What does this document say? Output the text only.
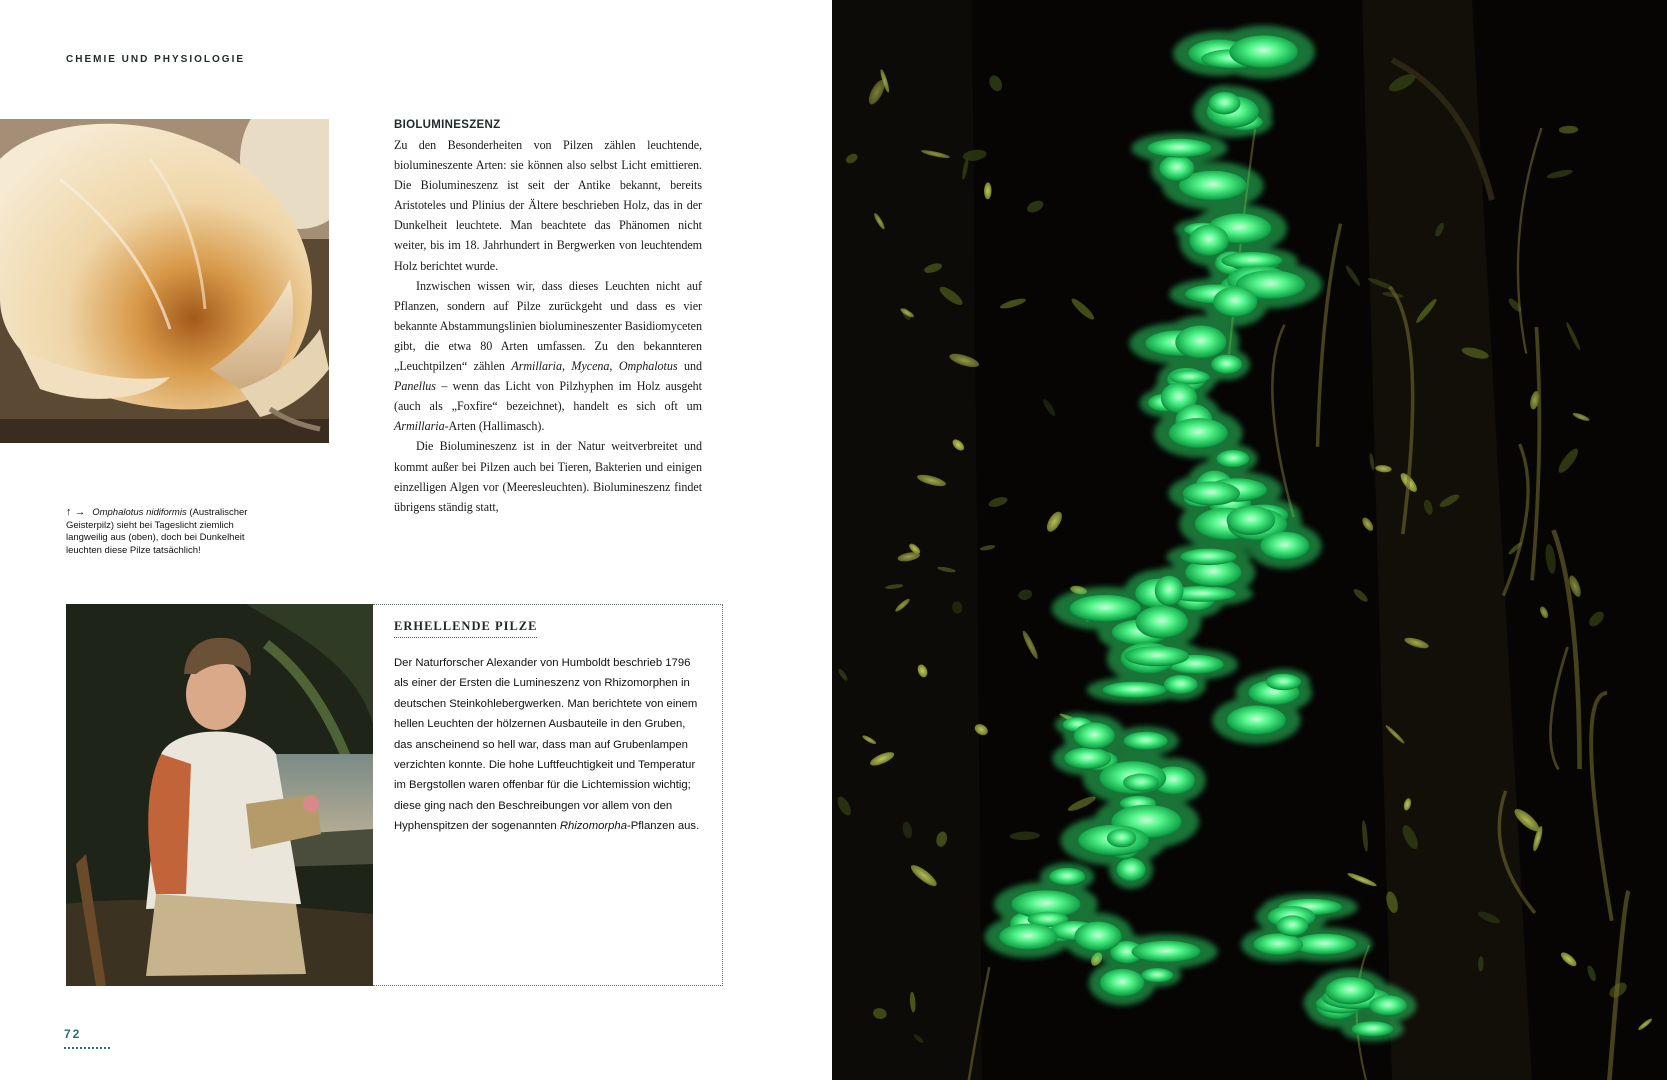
CHEMIE UND PHYSIOLOGIE

↑ → Omphalotus nidiformis (Australischer Geisterpilz) sieht bei Tageslicht ziemlich langweilig aus (oben), doch bei Dunkelheit leuchten diese Pilze tatsächlich!

BIOLUMINESZENZ

Zu den Besonderheiten von Pilzen zählen leuchtende, biolumineszente Arten: sie können also selbst Licht emittieren. Die Biolumineszenz ist seit der Antike bekannt, bereits Aristoteles und Plinius der Ältere beschrieben Holz, das in der Dunkelheit leuchtete. Man beachtete das Phänomen nicht weiter, bis im 18. Jahrhundert in Bergwerken von leuchtendem Holz berichtet wurde.

Inzwischen wissen wir, dass dieses Leuchten nicht auf Pflanzen, sondern auf Pilze zurückgeht und dass es vier bekannte Abstammungslinien biolumineszenter Basidiomyceten gibt, die etwa 80 Arten umfassen. Zu den bekannteren „Leuchtpilzen“ zählen Armillaria, Mycena, Omphalotus und Panellus – wenn das Licht von Pilzhyphen im Holz ausgeht (auch als „Foxfire“ bezeichnet), handelt es sich oft um Armillaria-Arten (Hallimasch).

Die Biolumineszenz ist in der Natur weitverbreitet und kommt außer bei Pilzen auch bei Tieren, Bakterien und einigen einzelligen Algen vor (Meeresleuchten). Biolumineszenz findet übrigens ständig statt,

ERHELLENDE PILZE

Der Naturforscher Alexander von Humboldt beschrieb 1796 als einer der Ersten die Lumineszenz von Rhizomorphen in deutschen Steinkohlebergwerken. Man berichtete von einem hellen Leuchten der hölzernen Ausbauteile in den Gruben, das anscheinend so hell war, dass man auf Grubenlampen verzichten konnte. Die hohe Luftfeuchtigkeit und Temperatur im Bergstollen waren offenbar für die Lichtemission wichtig; diese ging nach den Beschreibungen vor allem von den Hyphenspitzen der sogenannten Rhizomorpha-Pflanzen aus.

72
